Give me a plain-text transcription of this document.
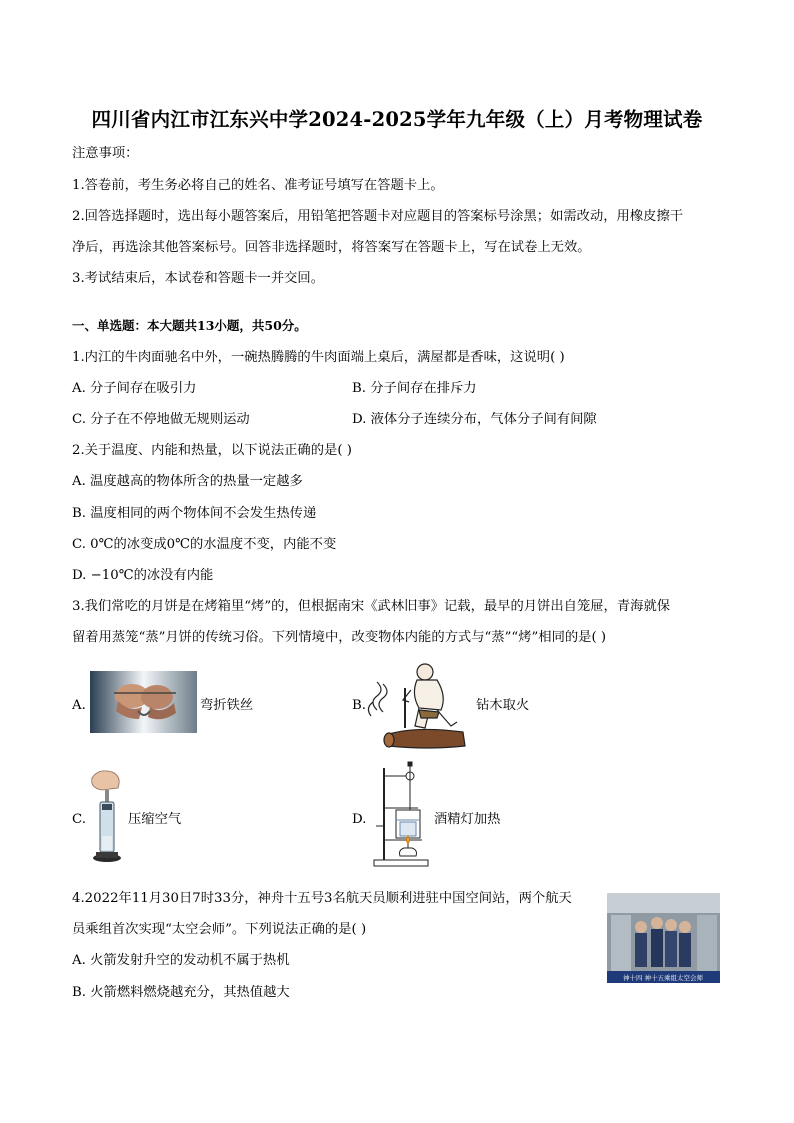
四川省内江市江东兴中学2024-2025学年九年级（上）月考物理试卷
注意事项：
1.答卷前，考生务必将自己的姓名、准考证号填写在答题卡上。
2.回答选择题时，选出每小题答案后，用铅笔把答题卡对应题目的答案标号涂黑；如需改动，用橡皮擦干
净后，再选涂其他答案标号。回答非选择题时，将答案写在答题卡上，写在试卷上无效。
3.考试结束后，本试卷和答题卡一并交回。
一、单选题：本大题共13小题，共50分。
1.内江的牛肉面驰名中外，一碗热腾腾的牛肉面端上桌后，满屋都是香味，这说明( )
A. 分子间存在吸引力	B. 分子间存在排斥力
C. 分子在不停地做无规则运动	D. 液体分子连续分布，气体分子间有间隙
2.关于温度、内能和热量，以下说法正确的是( )
A. 温度越高的物体所含的热量一定越多
B. 温度相同的两个物体间不会发生热传递
C. 0℃的冰变成0℃的水温度不变，内能不变
D. −10℃的冰没有内能
3.我们常吃的月饼是在烤箱里“烤”的，但根据南宋《武林旧事》记载，最早的月饼出自笼屉，青海就保
留着用蒸笼“蒸”月饼的传统习俗。下列情境中，改变物体内能的方式与“蒸”“烤”相同的是( )
A.	弯折铁丝	B.	钻木取火
C.	压缩空气	D.	酒精灯加热
4.2022年11月30日7时33分，神舟十五号3名航天员顺利进驻中国空间站，两个航天
员乘组首次实现“太空会师”。下列说法正确的是( )
A. 火箭发射升空的发动机不属于热机
B. 火箭燃料燃烧越充分，其热值越大
神十四 神十五乘组太空会师
